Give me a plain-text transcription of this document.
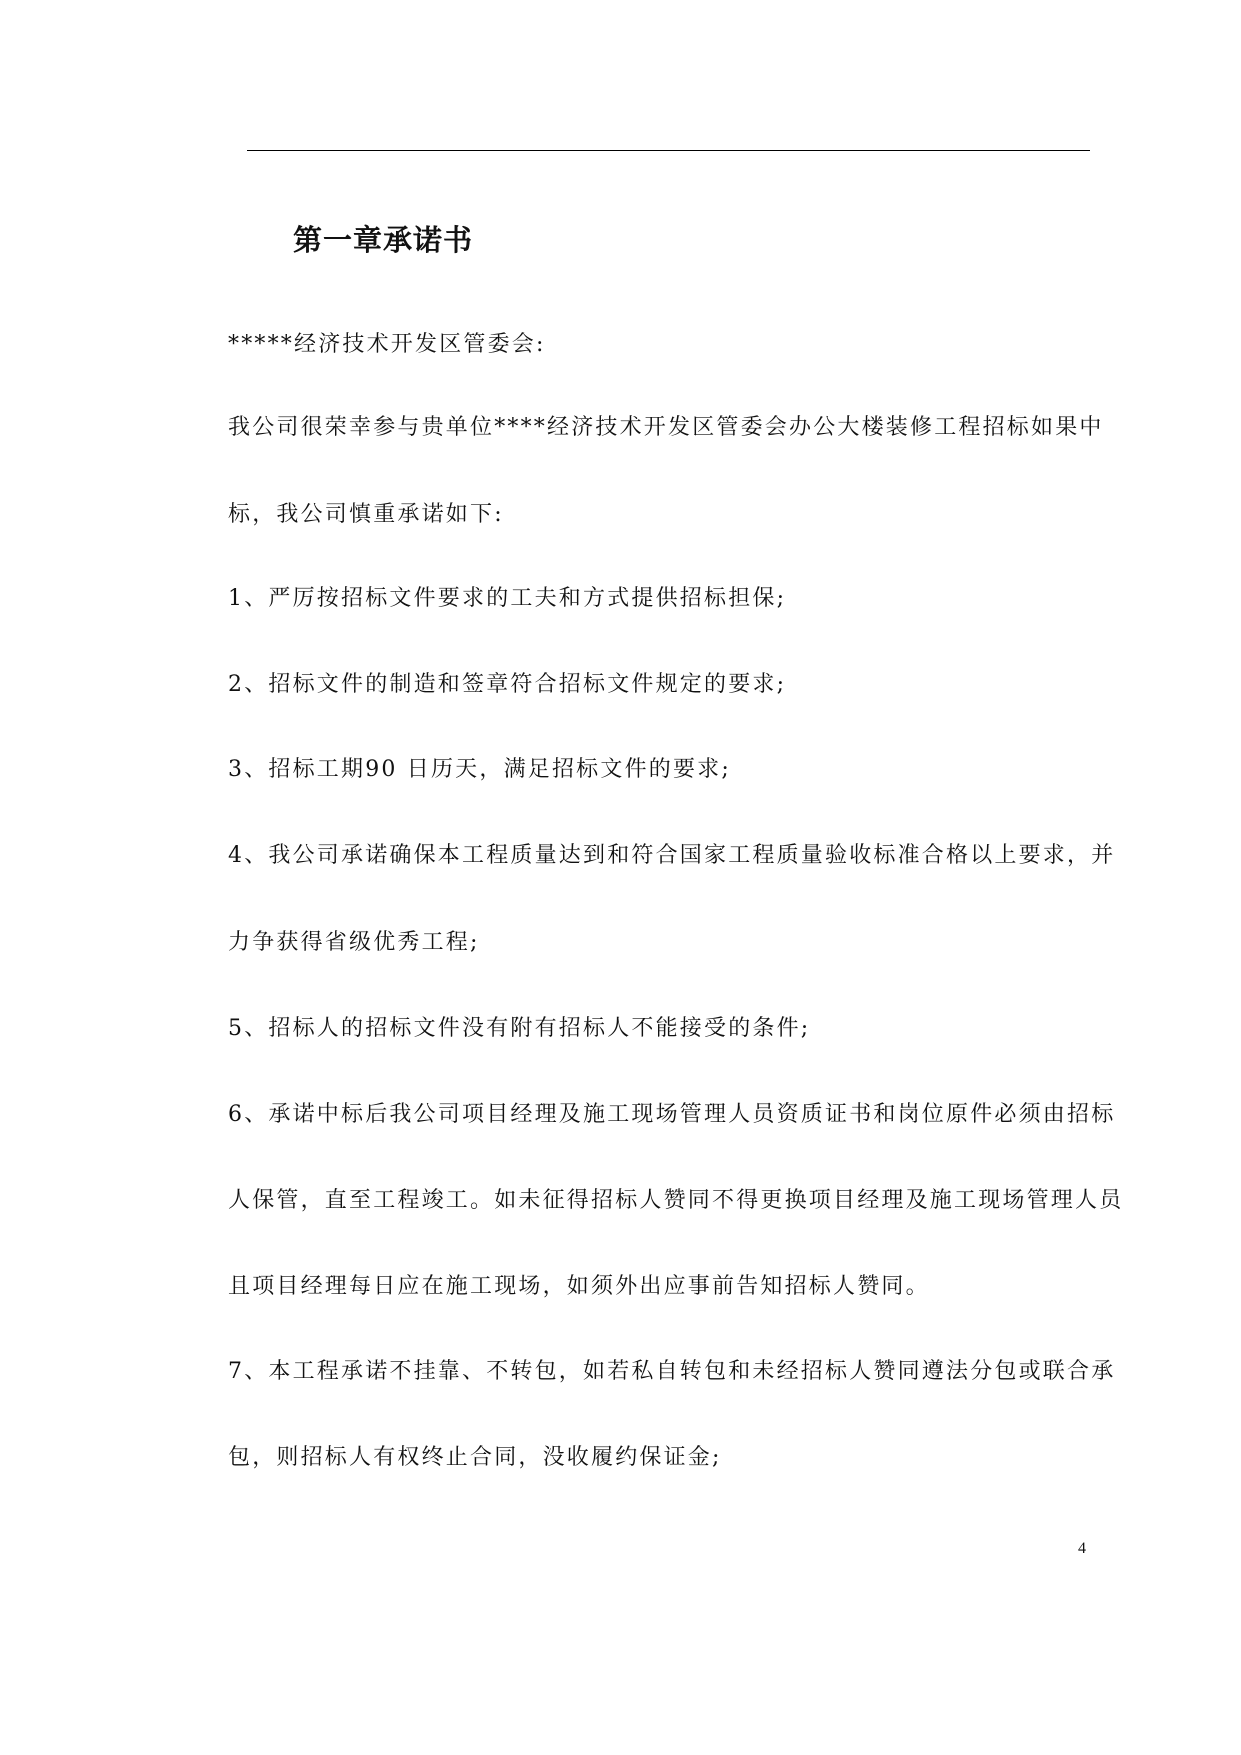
第一章承诺书
*****经济技术开发区管委会:
我公司很荣幸参与贵单位****经济技术开发区管委会办公大楼装修工程招标如果中
标，我公司慎重承诺如下:
1、严厉按招标文件要求的工夫和方式提供招标担保;
2、招标文件的制造和签章符合招标文件规定的要求;
3、招标工期90 日历天，满足招标文件的要求;
4、我公司承诺确保本工程质量达到和符合国家工程质量验收标准合格以上要求，并
力争获得省级优秀工程;
5、招标人的招标文件没有附有招标人不能接受的条件;
6、承诺中标后我公司项目经理及施工现场管理人员资质证书和岗位原件必须由招标
人保管，直至工程竣工。如未征得招标人赞同不得更换项目经理及施工现场管理人员
且项目经理每日应在施工现场，如须外出应事前告知招标人赞同。
7、本工程承诺不挂靠、不转包，如若私自转包和未经招标人赞同遵法分包或联合承
包，则招标人有权终止合同，没收履约保证金;
4
